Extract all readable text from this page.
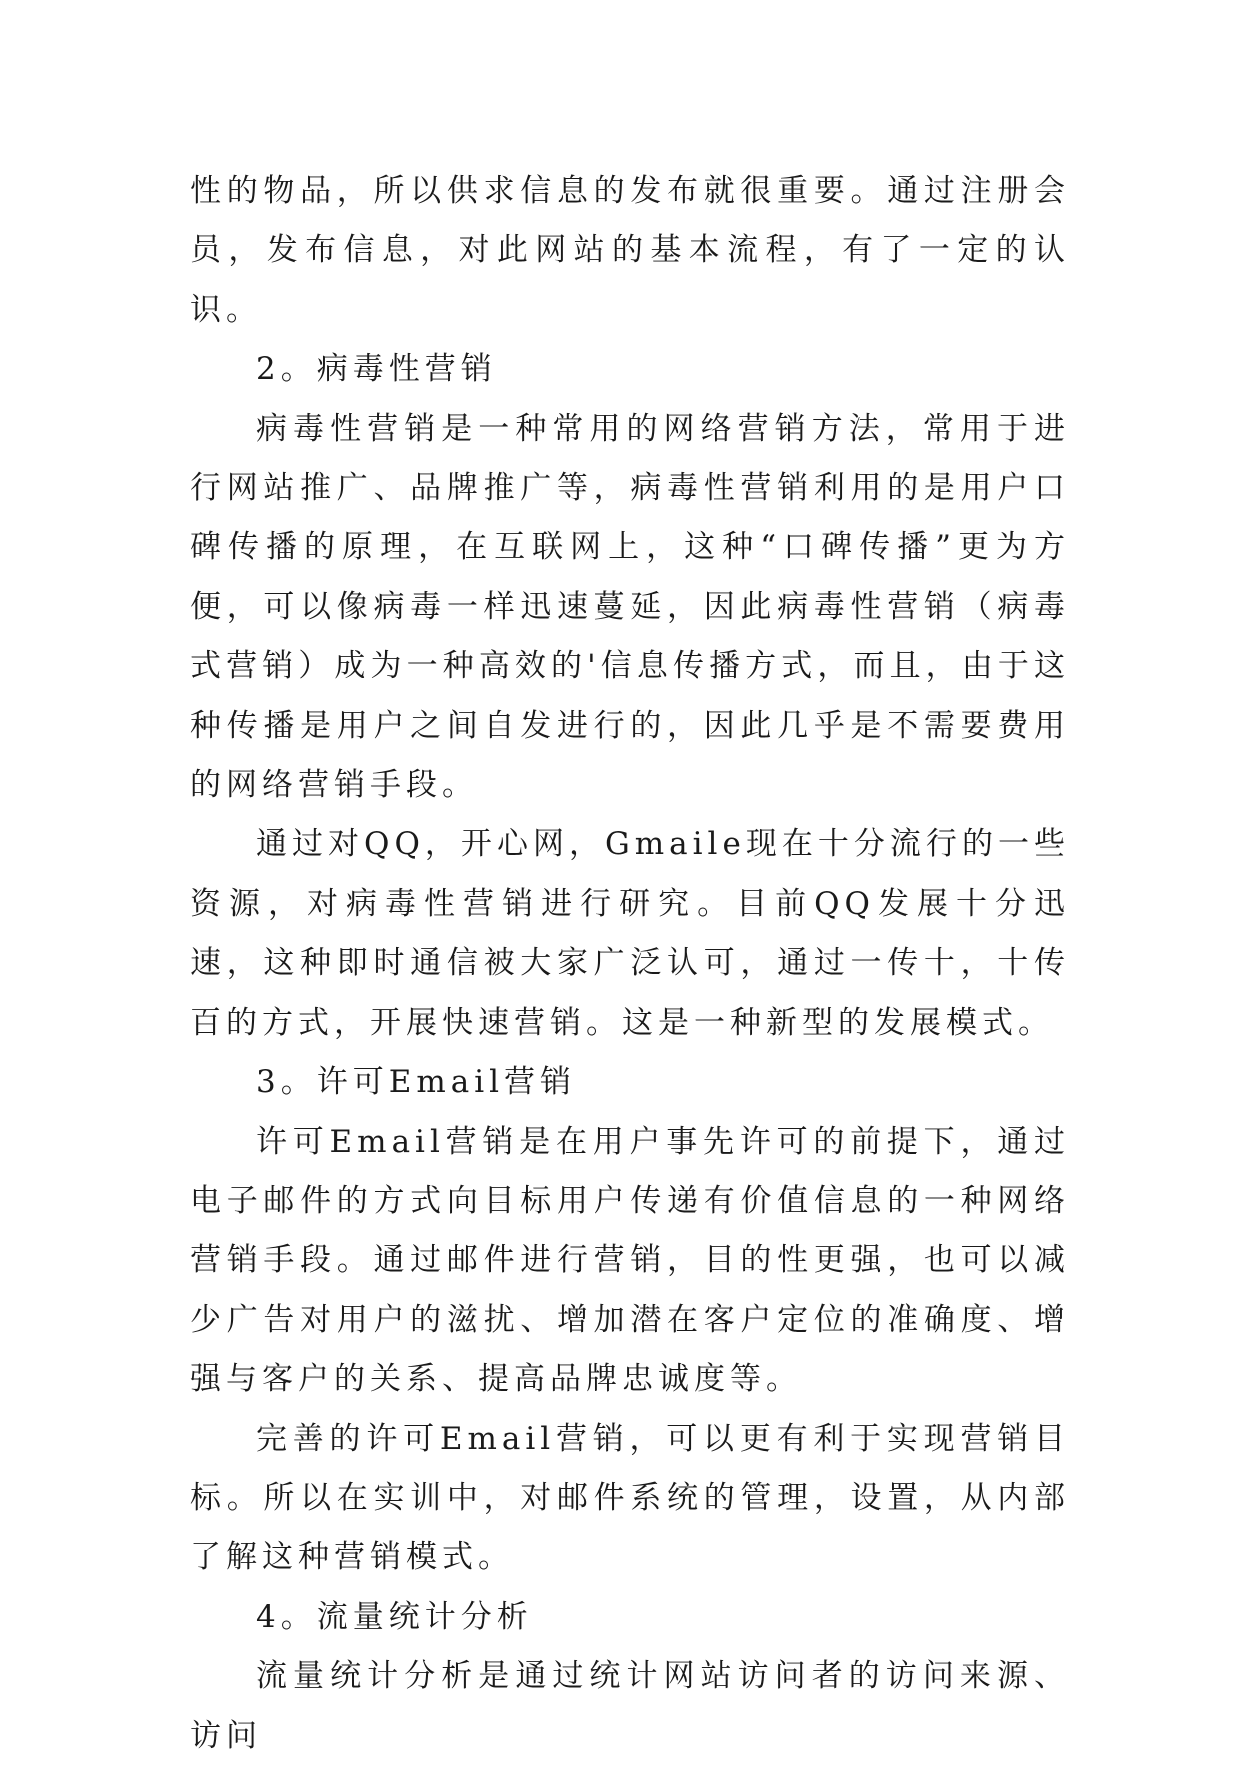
性的物品，所以供求信息的发布就很重要。通过注册会员，发布信息，对此网站的基本流程，有了一定的认识。

2。病毒性营销

病毒性营销是一种常用的网络营销方法，常用于进行网站推广、品牌推广等，病毒性营销利用的是用户口碑传播的原理，在互联网上，这种“口碑传播”更为方便，可以像病毒一样迅速蔓延，因此病毒性营销（病毒式营销）成为一种高效的'信息传播方式，而且，由于这种传播是用户之间自发进行的，因此几乎是不需要费用的网络营销手段。

通过对QQ，开心网，Gmaile现在十分流行的一些资源，对病毒性营销进行研究。目前QQ发展十分迅速，这种即时通信被大家广泛认可，通过一传十，十传百的方式，开展快速营销。这是一种新型的发展模式。

3。许可Email营销

许可Email营销是在用户事先许可的前提下，通过电子邮件的方式向目标用户传递有价值信息的一种网络营销手段。通过邮件进行营销，目的性更强，也可以减少广告对用户的滋扰、增加潜在客户定位的准确度、增强与客户的关系、提高品牌忠诚度等。

完善的许可Email营销，可以更有利于实现营销目标。所以在实训中，对邮件系统的管理，设置，从内部了解这种营销模式。

4。流量统计分析

流量统计分析是通过统计网站访问者的访问来源、访问
